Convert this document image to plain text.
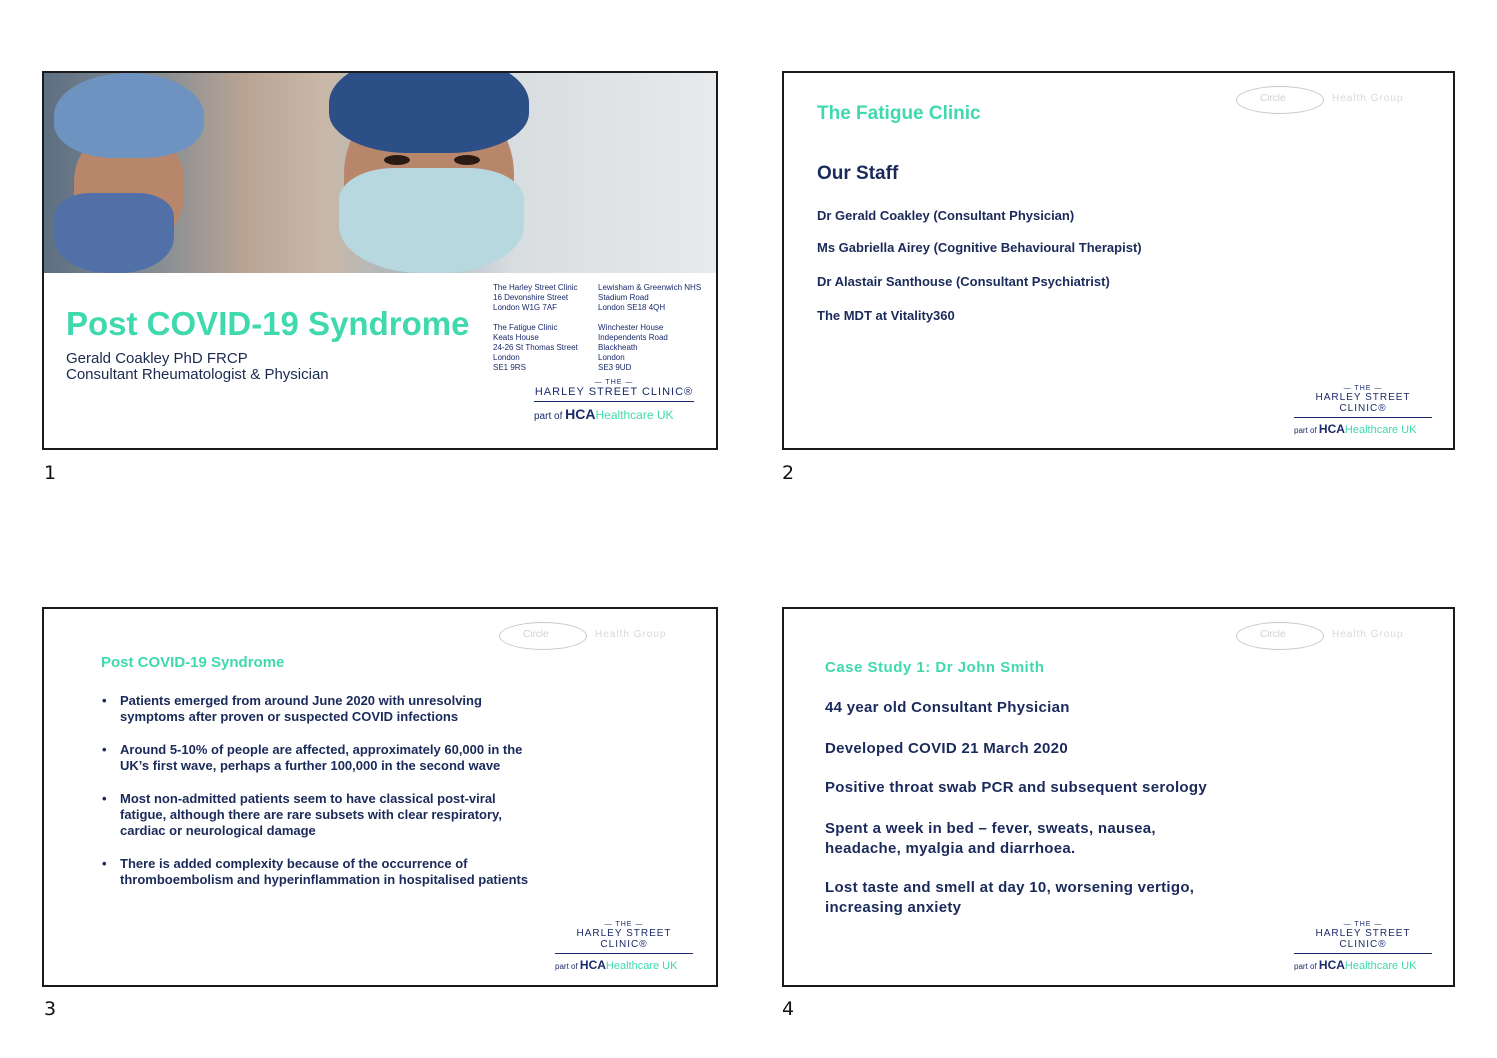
Post COVID-19 Syndrome
Gerald Coakley PhD FRCP
Consultant Rheumatologist & Physician
The Harley Street Clinic
16 Devonshire Street
London W1G 7AF
Lewisham & Greenwich NHS
Stadium Road
London SE18 4QH
The Fatigue Clinic
Keats House
24-26 St Thomas Street
London
SE1 9RS
Winchester House
Independents Road
Blackheath
London
SE3 9UD
— THE —
HARLEY STREET CLINIC®
part of HCAHealthcare UK
1
Circle	Health Group
The Fatigue Clinic
Our Staff
Dr Gerald Coakley (Consultant Physician)
Ms Gabriella Airey (Cognitive Behavioural Therapist)
Dr Alastair Santhouse (Consultant Psychiatrist)
The MDT at Vitality360
— THE —
HARLEY STREET CLINIC®
part of HCAHealthcare UK
2
Circle	Health Group
Post COVID-19 Syndrome
• Patients emerged from around June 2020 with unresolving symptoms after proven or suspected COVID infections
• Around 5-10% of people are affected, approximately 60,000 in the UK’s first wave, perhaps a further 100,000 in the second wave
• Most non-admitted patients seem to have classical post-viral fatigue, although there are rare subsets with clear respiratory, cardiac or neurological damage
• There is added complexity because of the occurrence of thromboembolism and hyperinflammation in hospitalised patients
— THE —
HARLEY STREET CLINIC®
part of HCAHealthcare UK
3
Circle	Health Group
Case Study 1: Dr John Smith
44 year old Consultant Physician
Developed COVID 21 March 2020
Positive throat swab PCR and subsequent serology
Spent a week in bed – fever, sweats, nausea, headache, myalgia and diarrhoea.
Lost taste and smell at day 10, worsening vertigo, increasing anxiety
— THE —
HARLEY STREET CLINIC®
part of HCAHealthcare UK
4
